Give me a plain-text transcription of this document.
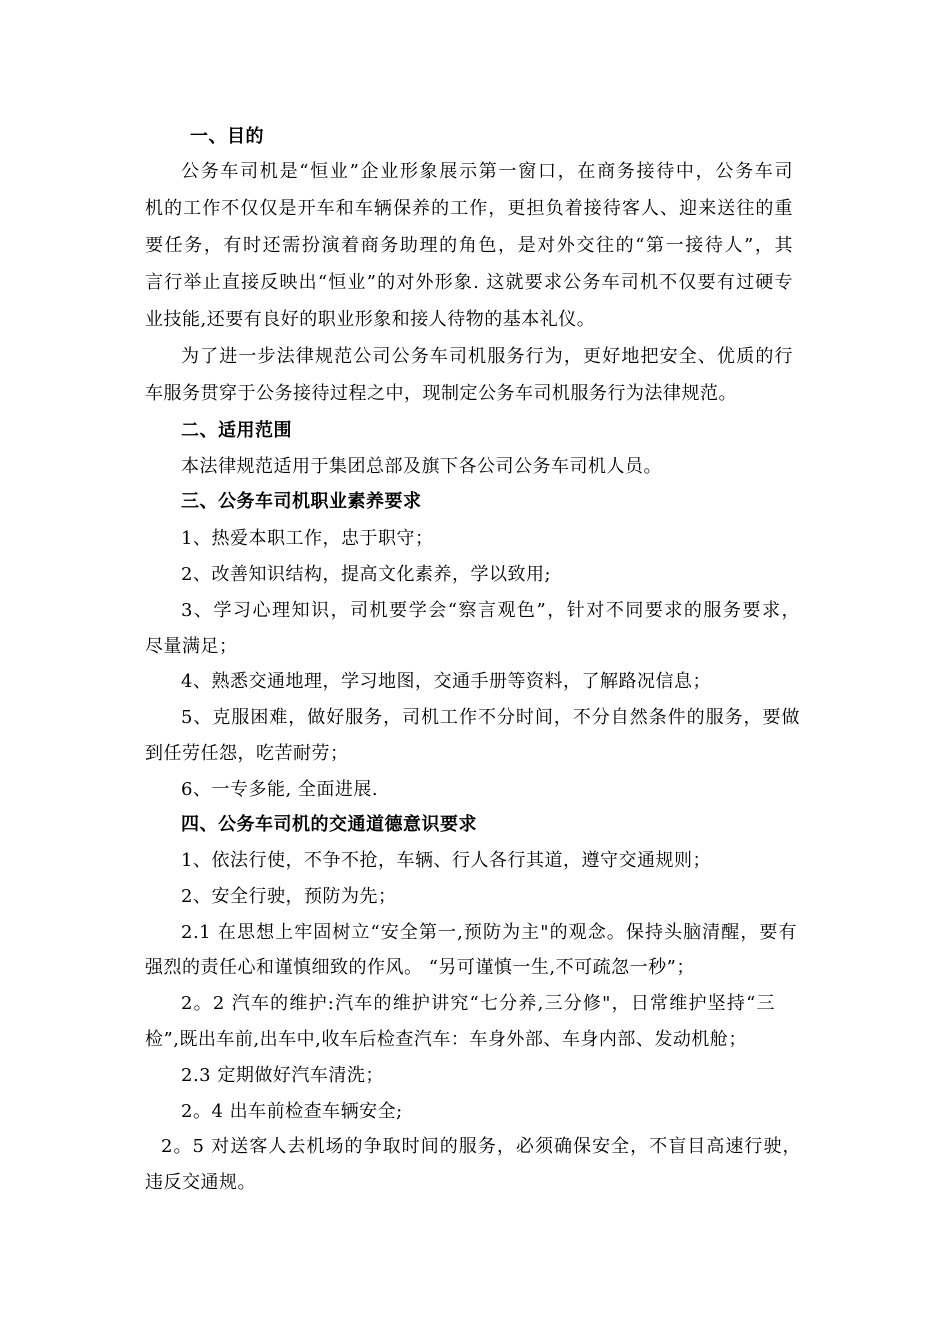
一、目的
公务车司机是“恒业”企业形象展示第一窗口，在商务接待中，公务车司
机的工作不仅仅是开车和车辆保养的工作，更担负着接待客人、迎来送往的重
要任务，有时还需扮演着商务助理的角色，是对外交往的“第一接待人”，其
言行举止直接反映出“恒业”的对外形象. 这就要求公务车司机不仅要有过硬专
业技能,还要有良好的职业形象和接人待物的基本礼仪。
为了进一步法律规范公司公务车司机服务行为，更好地把安全、优质的行
车服务贯穿于公务接待过程之中，现制定公务车司机服务行为法律规范。
二、适用范围
本法律规范适用于集团总部及旗下各公司公务车司机人员。
三、公务车司机职业素养要求
1、热爱本职工作，忠于职守；
2、改善知识结构，提高文化素养，学以致用;
3、学习心理知识，司机要学会“察言观色”，针对不同要求的服务要求，
尽量满足；
4、熟悉交通地理，学习地图，交通手册等资料，了解路况信息；
5、克服困难，做好服务，司机工作不分时间，不分自然条件的服务，要做
到任劳任怨，吃苦耐劳；
6、一专多能, 全面进展.
四、公务车司机的交通道德意识要求
1、依法行使，不争不抢，车辆、行人各行其道，遵守交通规则；
2、安全行驶，预防为先；
2.1 在思想上牢固树立“安全第一,预防为主"的观念。保持头脑清醒，要有
强烈的责任心和谨慎细致的作风。 “另可谨慎一生,不可疏忽一秒”；
2。2 汽车的维护:汽车的维护讲究“七分养,三分修"，日常维护坚持“三
检”,既出车前,出车中,收车后检查汽车：车身外部、车身内部、发动机舱；
2.3 定期做好汽车清洗；
2。4 出车前检查车辆安全;
2。5 对送客人去机场的争取时间的服务，必须确保安全，不盲目高速行驶，
违反交通规。
